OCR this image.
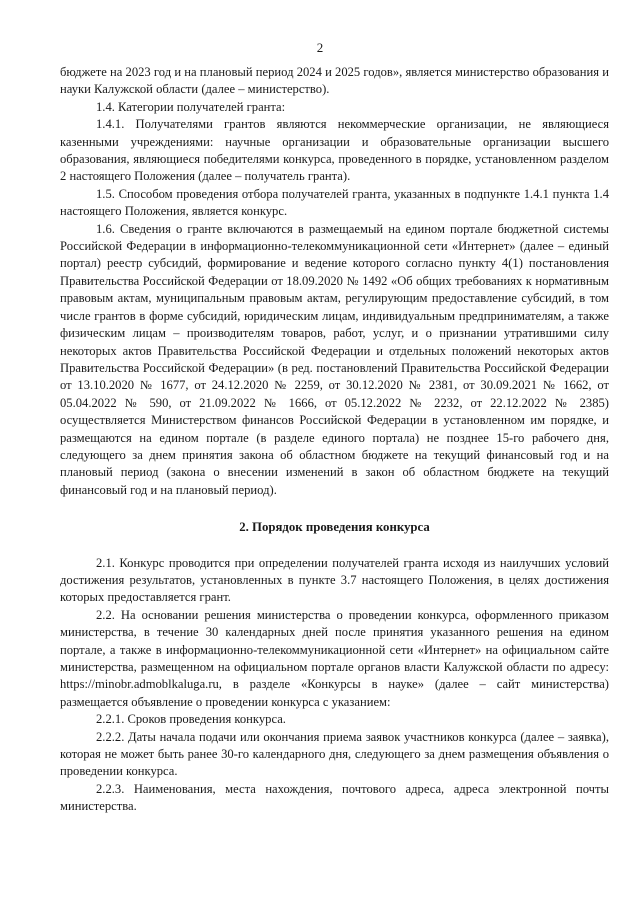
2

бюджете на 2023 год и на плановый период 2024 и 2025 годов», является министерство образования и науки Калужской области (далее – министерство).

1.4. Категории получателей гранта:

1.4.1. Получателями грантов являются некоммерческие организации, не являющиеся казенными учреждениями: научные организации и образовательные организации высшего образования, являющиеся победителями конкурса, проведенного в порядке, установленном разделом 2 настоящего Положения (далее – получатель гранта).

1.5. Способом проведения отбора получателей гранта, указанных в подпункте 1.4.1 пункта 1.4 настоящего Положения, является конкурс.

1.6. Сведения о гранте включаются в размещаемый на едином портале бюджетной системы Российской Федерации в информационно-телекоммуникационной сети «Интернет» (далее – единый портал) реестр субсидий, формирование и ведение которого согласно пункту 4(1) постановления Правительства Российской Федерации от 18.09.2020 № 1492 «Об общих требованиях к нормативным правовым актам, муниципальным правовым актам, регулирующим предоставление субсидий, в том числе грантов в форме субсидий, юридическим лицам, индивидуальным предпринимателям, а также физическим лицам – производителям товаров, работ, услуг, и о признании утратившими силу некоторых актов Правительства Российской Федерации и отдельных положений некоторых актов Правительства Российской Федерации» (в ред. постановлений Правительства Российской Федерации от 13.10.2020 № 1677, от 24.12.2020 № 2259, от 30.12.2020 № 2381, от 30.09.2021 № 1662, от 05.04.2022 № 590, от 21.09.2022 № 1666, от 05.12.2022 № 2232, от 22.12.2022 № 2385) осуществляется Министерством финансов Российской Федерации в установленном им порядке, и размещаются на едином портале (в разделе единого портала) не позднее 15-го рабочего дня, следующего за днем принятия закона об областном бюджете на текущий финансовый год и на плановый период (закона о внесении изменений в закон об областном бюджете на текущий финансовый год и на плановый период).

2. Порядок проведения конкурса

2.1. Конкурс проводится при определении получателей гранта исходя из наилучших условий достижения результатов, установленных в пункте 3.7 настоящего Положения, в целях достижения которых предоставляется грант.

2.2. На основании решения министерства о проведении конкурса, оформленного приказом министерства, в течение 30 календарных дней после принятия указанного решения на едином портале, а также в информационно-телекоммуникационной сети «Интернет» на официальном сайте министерства, размещенном на официальном портале органов власти Калужской области по адресу: https://minobr.admoblkaluga.ru, в разделе «Конкурсы в науке» (далее – сайт министерства) размещается объявление о проведении конкурса с указанием:

2.2.1. Сроков проведения конкурса.

2.2.2. Даты начала подачи или окончания приема заявок участников конкурса (далее – заявка), которая не может быть ранее 30-го календарного дня, следующего за днем размещения объявления о проведении конкурса.

2.2.3. Наименования, места нахождения, почтового адреса, адреса электронной почты министерства.
